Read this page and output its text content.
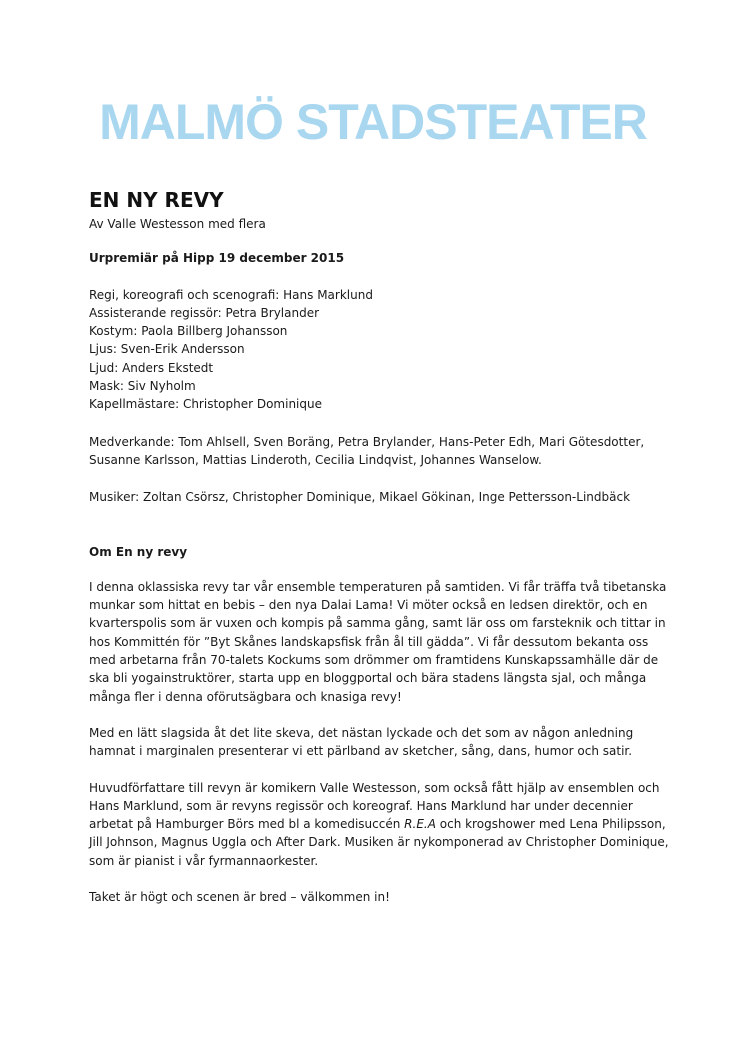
MALMÖ STADSTEATER
EN NY REVY

Av Valle Westesson med flera

Urpremiär på Hipp 19 december 2015

Regi, koreografi och scenografi: Hans Marklund
Assisterande regissör: Petra Brylander
Kostym: Paola Billberg Johansson
Ljus: Sven-Erik Andersson
Ljud: Anders Ekstedt
Mask: Siv Nyholm
Kapellmästare: Christopher Dominique

Medverkande: Tom Ahlsell, Sven Boräng, Petra Brylander, Hans-Peter Edh, Mari Götesdotter, Susanne Karlsson, Mattias Linderoth, Cecilia Lindqvist, Johannes Wanselow.

Musiker: Zoltan Csörsz, Christopher Dominique, Mikael Gökinan, Inge Pettersson-Lindbäck

Om En ny revy

I denna oklassiska revy tar vår ensemble temperaturen på samtiden. Vi får träffa två tibetanska munkar som hittat en bebis – den nya Dalai Lama! Vi möter också en ledsen direktör, och en kvarterspolis som är vuxen och kompis på samma gång, samt lär oss om farsteknik och tittar in hos Kommittén för ”Byt Skånes landskapsfisk från ål till gädda”. Vi får dessutom bekanta oss med arbetarna från 70-talets Kockums som drömmer om framtidens Kunskapssamhälle där de ska bli yogainstruktörer, starta upp en bloggportal och bära stadens längsta sjal, och många många fler i denna oförutsägbara och knasiga revy!

Med en lätt slagsida åt det lite skeva, det nästan lyckade och det som av någon anledning hamnat i marginalen presenterar vi ett pärlband av sketcher, sång, dans, humor och satir.

Huvudförfattare till revyn är komikern Valle Westesson, som också fått hjälp av ensemblen och Hans Marklund, som är revyns regissör och koreograf. Hans Marklund har under decennier arbetat på Hamburger Börs med bl a komedisuccén R.E.A och krogshower med Lena Philipsson, Jill Johnson, Magnus Uggla och After Dark. Musiken är nykomponerad av Christopher Dominique, som är pianist i vår fyrmannaorkester.

Taket är högt och scenen är bred – välkommen in!
